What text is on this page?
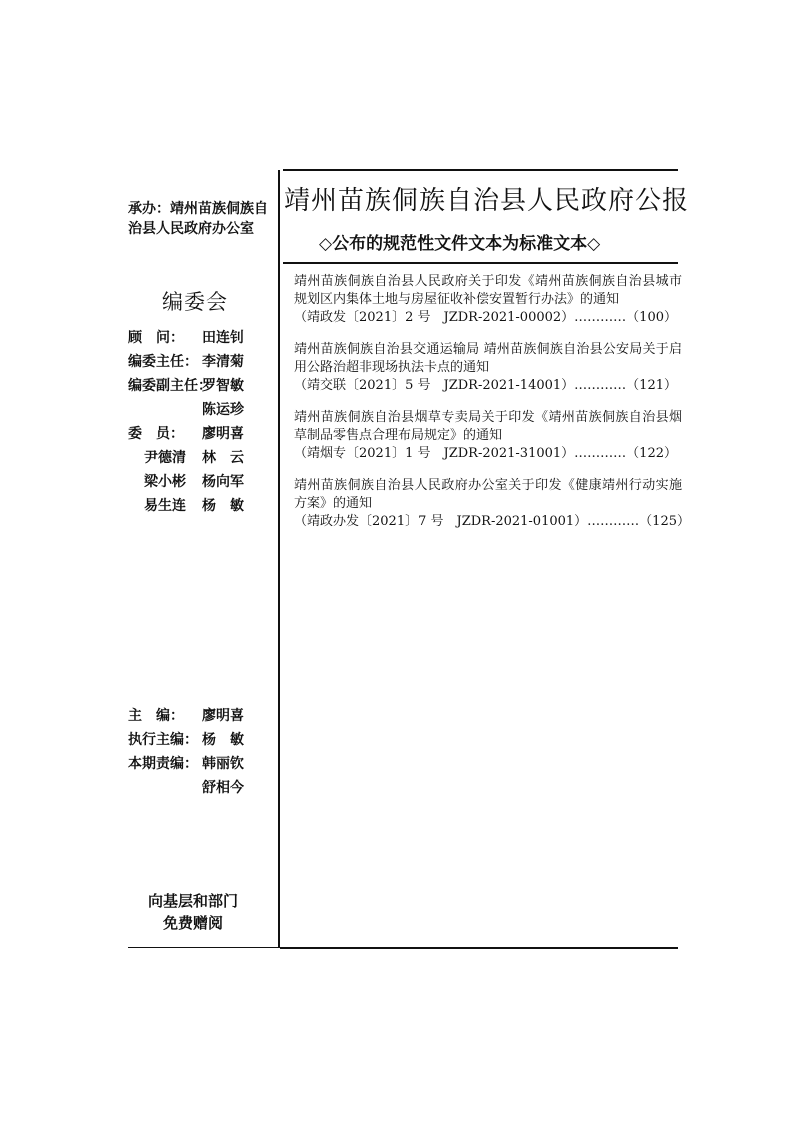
承办：靖州苗族侗族自治县人民政府办公室
编委会
顾　问：	田连钊
编委主任： 李清菊
编委副主任：
罗智敏
陈运珍
委　员：	廖明喜
尹德清	林　云
梁小彬	杨向军
易生连	杨　敏
主　编：	廖明喜
执行主编： 杨　敏
本期责编： 韩丽钦
舒相今
向基层和部门
免费赠阅
靖州苗族侗族自治县人民政府公报
◇公布的规范性文件文本为标准文本◇
靖州苗族侗族自治县人民政府关于印发《靖州苗族侗族自治县城市规划区内集体土地与房屋征收补偿安置暂行办法》的通知
（靖政发〔2021〕2 号　JZDR-2021-00002）…………（100）
靖州苗族侗族自治县交通运输局 靖州苗族侗族自治县公安局关于启用公路治超非现场执法卡点的通知
（靖交联〔2021〕5 号　JZDR-2021-14001）…………（121）
靖州苗族侗族自治县烟草专卖局关于印发《靖州苗族侗族自治县烟草制品零售点合理布局规定》的通知
（靖烟专〔2021〕1 号　JZDR-2021-31001）…………（122）
靖州苗族侗族自治县人民政府办公室关于印发《健康靖州行动实施方案》的通知
（靖政办发〔2021〕7 号　JZDR-2021-01001）…………（125）
